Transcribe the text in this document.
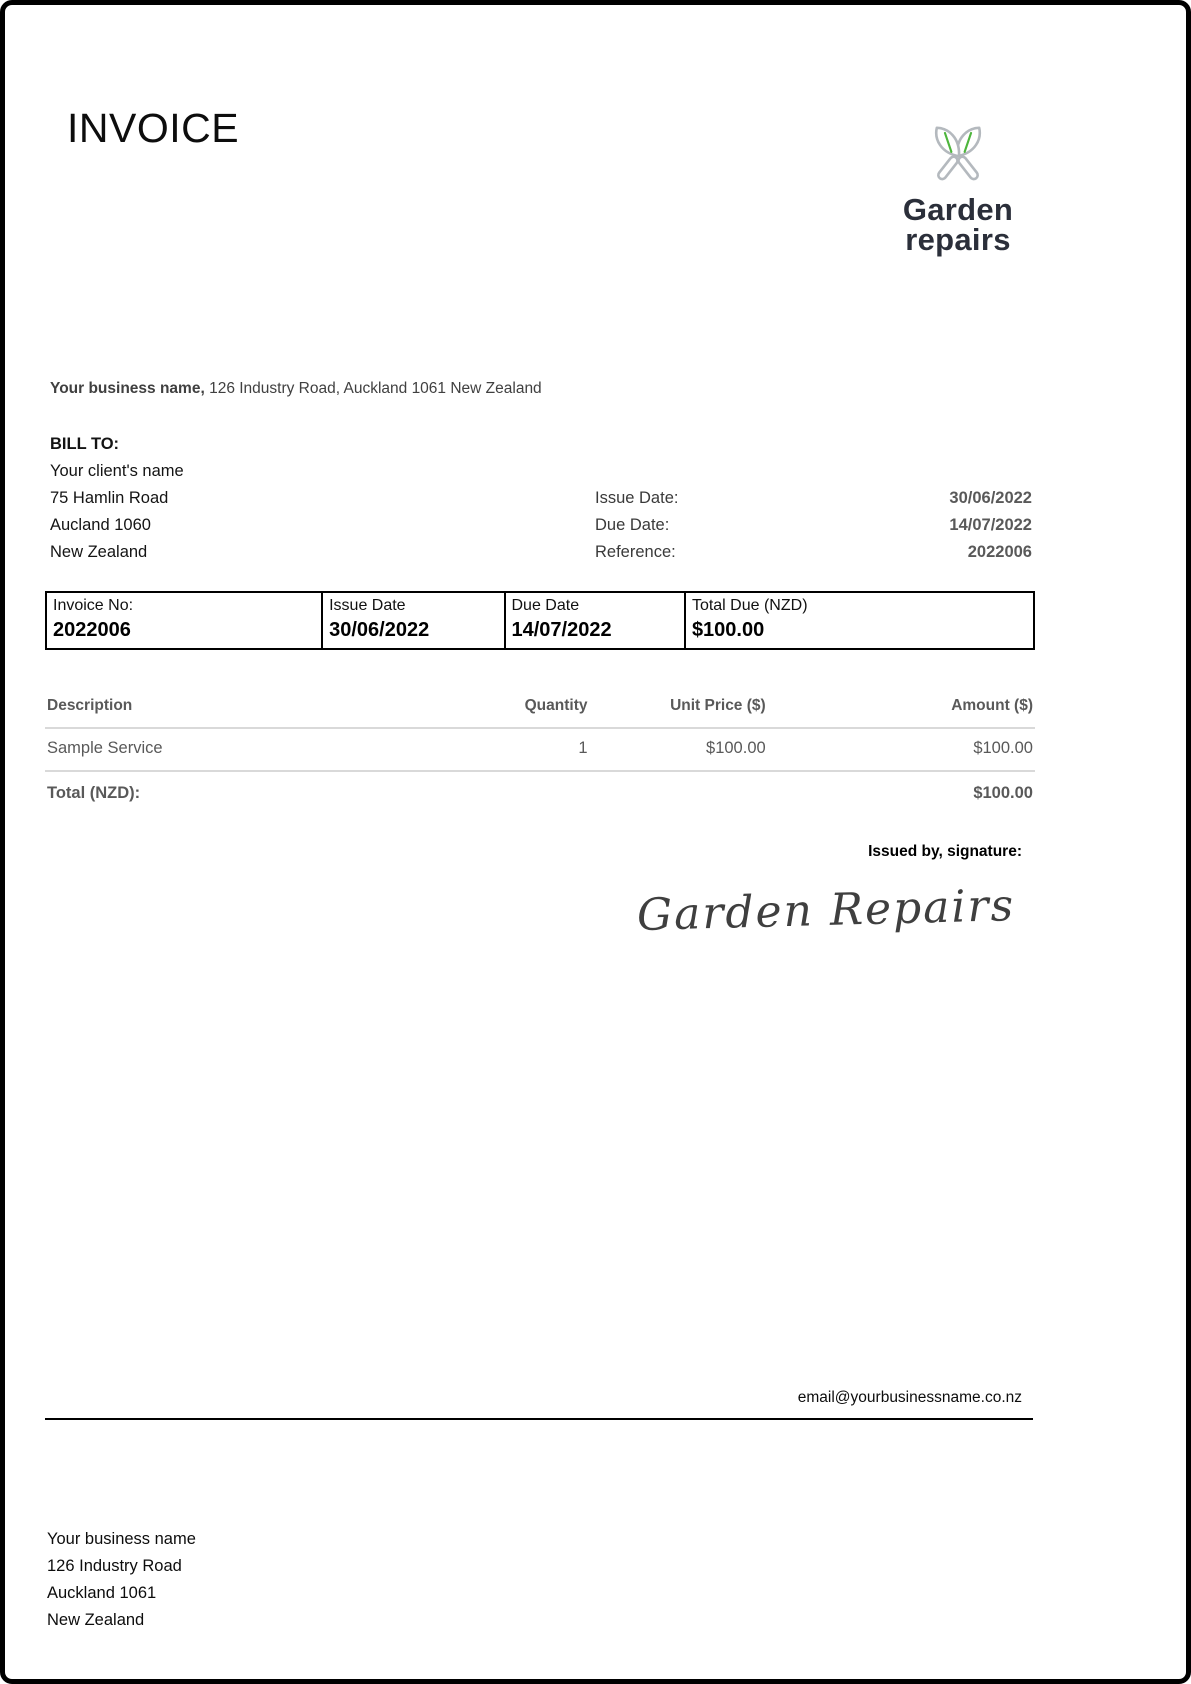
INVOICE
Garden
repairs
Your business name, 126 Industry Road, Auckland 1061 New Zealand
BILL TO:
Your client's name
75 Hamlin Road
Aucland 1060
New Zealand
Issue Date:	30/06/2022
Due Date:	14/07/2022
Reference:	2022006
Invoice No:	Issue Date	Due Date	Total Due (NZD)
2022006	30/06/2022	14/07/2022	$100.00
Description	Quantity	Unit Price ($)	Amount ($)
Sample Service	1	$100.00	$100.00
Total (NZD):	$100.00
Issued by, signature:
Garden Repairs
email@yourbusinessname.co.nz
Your business name
126 Industry Road
Auckland 1061
New Zealand
